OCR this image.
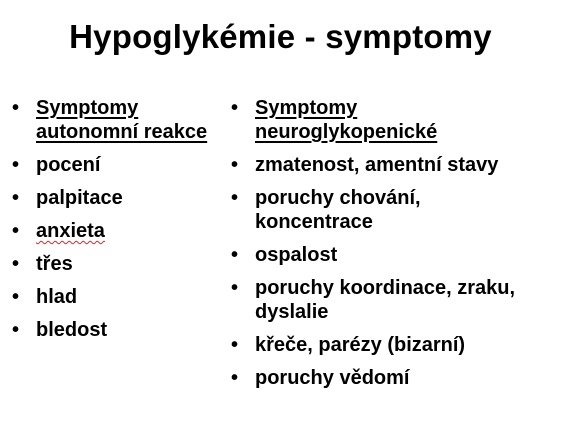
Hypoglykémie - symptomy
• Symptomy autonomní reakce
• pocení
• palpitace
• anxieta
• třes
• hlad
• bledost
• Symptomy neuroglykopenické
• zmatenost, amentní stavy
• poruchy chování, koncentrace
• ospalost
• poruchy koordinace, zraku, dyslalie
• křeče, parézy (bizarní)
• poruchy vědomí
